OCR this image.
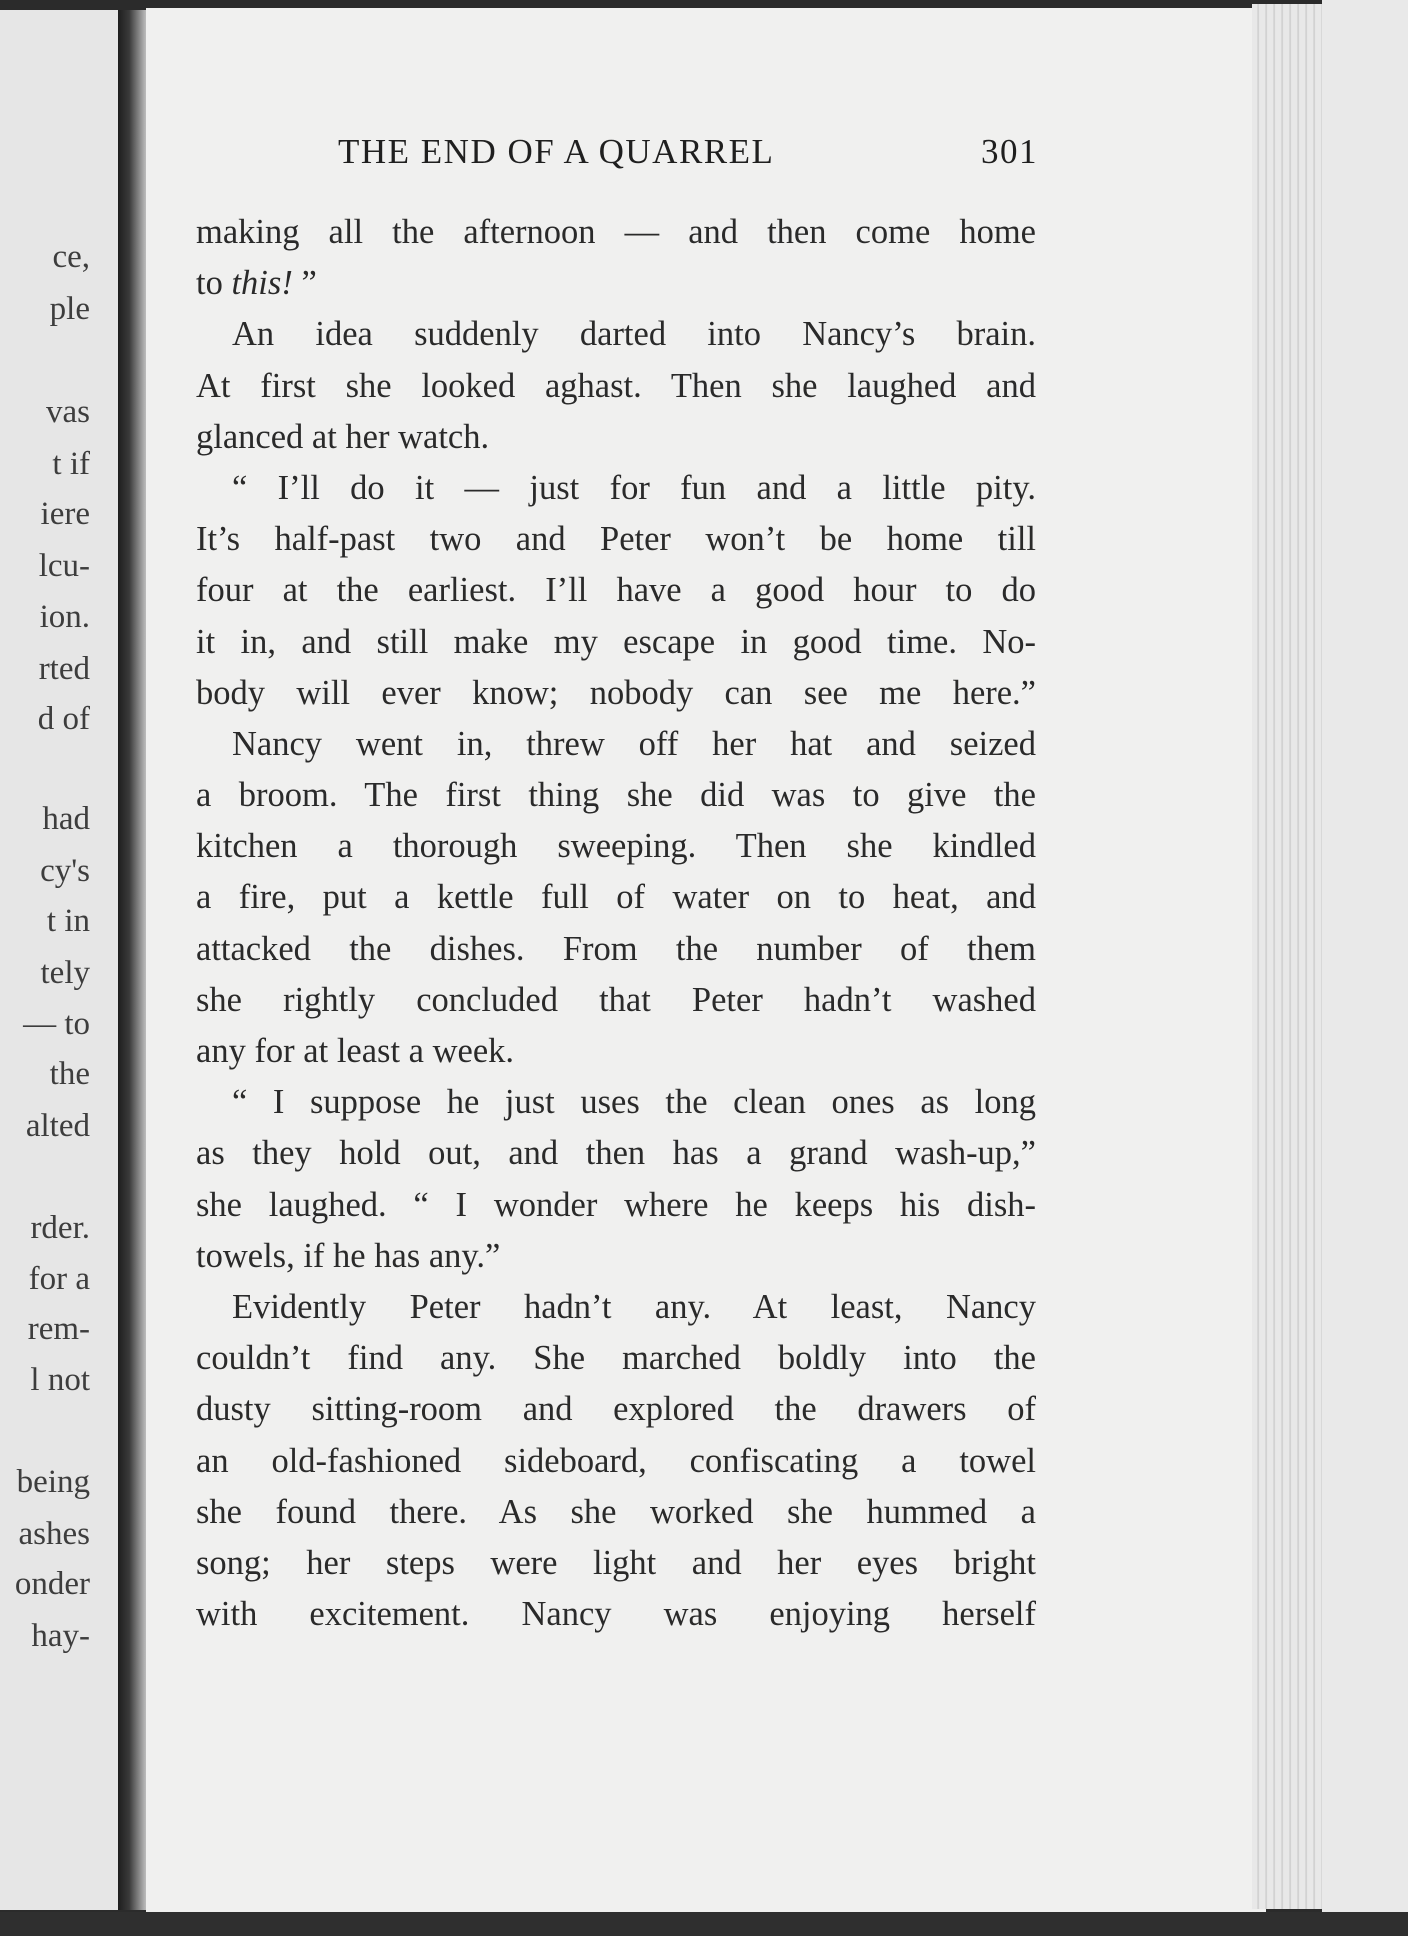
ce,
ple
vas
t if
iere
lcu-
ion.
rted
d of
had
cy's
t in
tely
— to
the
alted
rder.
for a
rem-
l not
being
ashes
onder
hay-
THE END OF A QUARREL	301
making all the afternoon — and then come home
to this! ”
An idea suddenly darted into Nancy’s brain.
At first she looked aghast. Then she laughed and
glanced at her watch.
“ I’ll do it — just for fun and a little pity.
It’s half-past two and Peter won’t be home till
four at the earliest. I’ll have a good hour to do
it in, and still make my escape in good time. No-
body will ever know; nobody can see me here.”
Nancy went in, threw off her hat and seized
a broom. The first thing she did was to give the
kitchen a thorough sweeping. Then she kindled
a fire, put a kettle full of water on to heat, and
attacked the dishes. From the number of them
she rightly concluded that Peter hadn’t washed
any for at least a week.
“ I suppose he just uses the clean ones as long
as they hold out, and then has a grand wash-up,”
she laughed. “ I wonder where he keeps his dish-
towels, if he has any.”
Evidently Peter hadn’t any. At least, Nancy
couldn’t find any. She marched boldly into the
dusty sitting-room and explored the drawers of
an old-fashioned sideboard, confiscating a towel
she found there. As she worked she hummed a
song; her steps were light and her eyes bright
with excitement. Nancy was enjoying herself
